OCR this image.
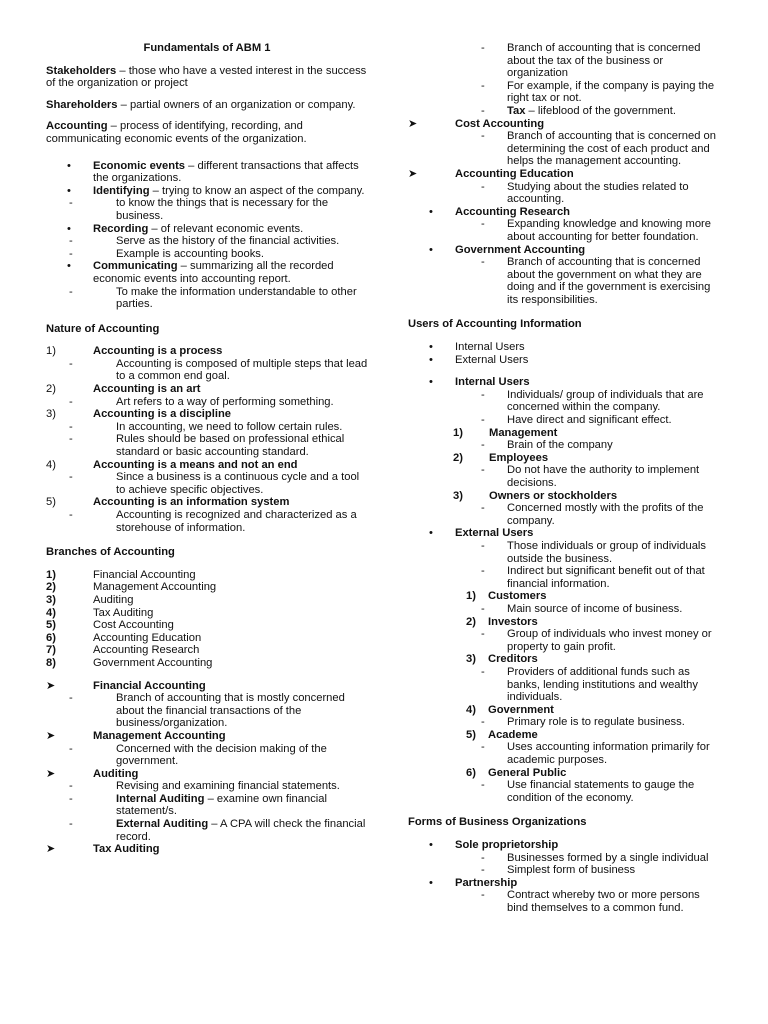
Fundamentals of ABM 1
Stakeholders – those who have a vested interest in the success of the organization or project
Shareholders – partial owners of an organization or company.
Accounting – process of identifying, recording, and communicating economic events of the organization.
• Economic events – different transactions that affects the organizations.
• Identifying – trying to know an aspect of the company.
-	to know the things that is necessary for the business.
• Recording – of relevant economic events.
-	Serve as the history of the financial activities.
-	Example is accounting books.
• Communicating – summarizing all the recorded economic events into accounting report.
-	To make the information understandable to other parties.
Nature of Accounting
1)	Accounting is a process
-	Accounting is composed of multiple steps that lead to a common end goal.
2)	Accounting is an art
-	Art refers to a way of performing something.
3)	Accounting is a discipline
-	In accounting, we need to follow certain rules.
-	Rules should be based on professional ethical standard or basic accounting standard.
4)	Accounting is a means and not an end
-	Since a business is a continuous cycle and a tool to achieve specific objectives.
5)	Accounting is an information system
-	Accounting is recognized and characterized as a storehouse of information.
Branches of Accounting
1)	Financial Accounting
2)	Management Accounting
3)	Auditing
4)	Tax Auditing
5)	Cost Accounting
6)	Accounting Education
7)	Accounting Research
8)	Government Accounting
➤	Financial Accounting
-	Branch of accounting that is mostly concerned about the financial transactions of the business/organization.
➤	Management Accounting
-	Concerned with the decision making of the government.
➤	Auditing
-	Revising and examining financial statements.
-	Internal Auditing – examine own financial statement/s.
-	External Auditing – A CPA will check the financial record.
➤	Tax Auditing
- Branch of accounting that is concerned about the tax of the business or organization
- For example, if the company is paying the right tax or not.
- Tax – lifeblood of the government.
➤	Cost Accounting
- Branch of accounting that is concerned on determining the cost of each product and helps the management accounting.
➤	Accounting Education
- Studying about the studies related to accounting.
• Accounting Research
- Expanding knowledge and knowing more about accounting for better foundation.
• Government Accounting
- Branch of accounting that is concerned about the government on what they are doing and if the government is exercising its responsibilities.
Users of Accounting Information
• Internal Users
• External Users
• Internal Users
- Individuals/ group of individuals that are concerned within the company.
- Have direct and significant effect.
1) Management
- Brain of the company
2) Employees
- Do not have the authority to implement decisions.
3) Owners or stockholders
- Concerned mostly with the profits of the company.
• External Users
- Those individuals or group of individuals outside the business.
- Indirect but significant benefit out of that financial information.
1) Customers
- Main source of income of business.
2) Investors
- Group of individuals who invest money or property to gain profit.
3) Creditors
- Providers of additional funds such as banks, lending institutions and wealthy individuals.
4) Government
- Primary role is to regulate business.
5) Academe
- Uses accounting information primarily for academic purposes.
6) General Public
- Use financial statements to gauge the condition of the economy.
Forms of Business Organizations
• Sole proprietorship
- Businesses formed by a single individual
- Simplest form of business
• Partnership
- Contract whereby two or more persons bind themselves to a common fund.
